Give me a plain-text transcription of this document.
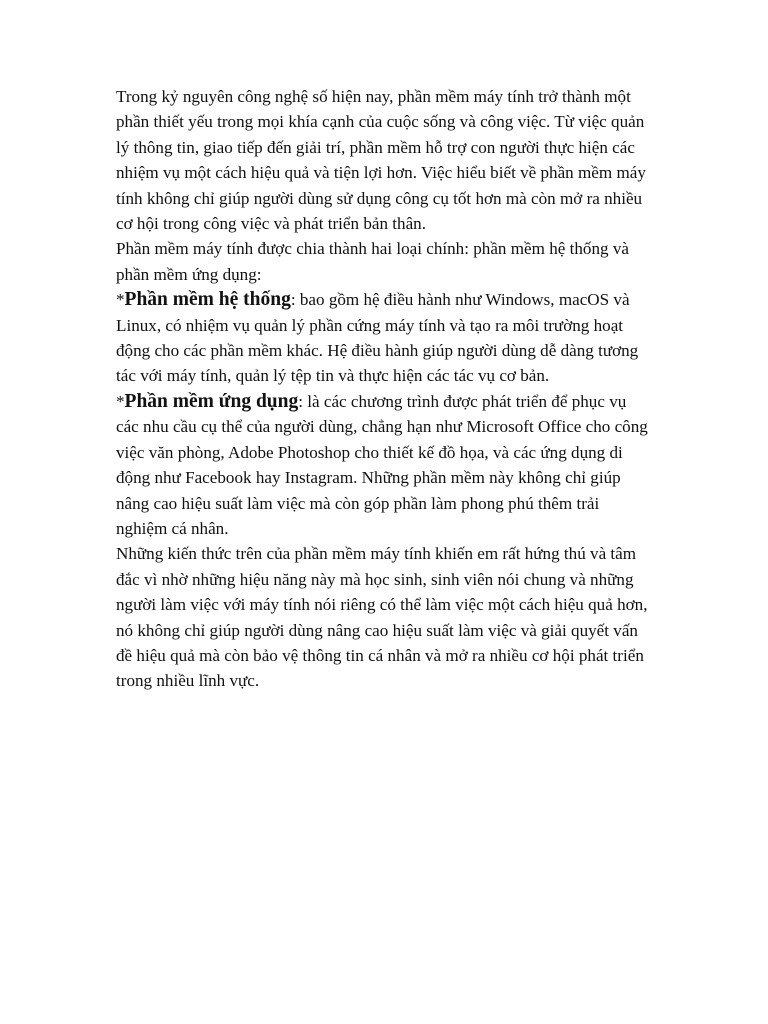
Trong kỷ nguyên công nghệ số hiện nay, phần mềm máy tính trở thành một phần thiết yếu trong mọi khía cạnh của cuộc sống và công việc. Từ việc quản lý thông tin, giao tiếp đến giải trí, phần mềm hỗ trợ con người thực hiện các nhiệm vụ một cách hiệu quả và tiện lợi hơn. Việc hiểu biết về phần mềm máy tính không chỉ giúp người dùng sử dụng công cụ tốt hơn mà còn mở ra nhiều cơ hội trong công việc và phát triển bản thân.

Phần mềm máy tính được chia thành hai loại chính: phần mềm hệ thống và phần mềm ứng dụng:

*Phần mềm hệ thống: bao gồm hệ điều hành như Windows, macOS và Linux, có nhiệm vụ quản lý phần cứng máy tính và tạo ra môi trường hoạt động cho các phần mềm khác. Hệ điều hành giúp người dùng dễ dàng tương tác với máy tính, quản lý tệp tin và thực hiện các tác vụ cơ bản.

*Phần mềm ứng dụng: là các chương trình được phát triển để phục vụ các nhu cầu cụ thể của người dùng, chẳng hạn như Microsoft Office cho công việc văn phòng, Adobe Photoshop cho thiết kế đồ họa, và các ứng dụng di động như Facebook hay Instagram. Những phần mềm này không chỉ giúp nâng cao hiệu suất làm việc mà còn góp phần làm phong phú thêm trải nghiệm cá nhân.

Những kiến thức trên của phần mềm máy tính khiến em rất hứng thú và tâm đắc vì nhờ những hiệu năng này mà học sinh, sinh viên nói chung và những người làm việc với máy tính nói riêng có thể làm việc một cách hiệu quả hơn, nó không chỉ giúp người dùng nâng cao hiệu suất làm việc và giải quyết vấn đề hiệu quả mà còn bảo vệ thông tin cá nhân và mở ra nhiều cơ hội phát triển trong nhiều lĩnh vực.
